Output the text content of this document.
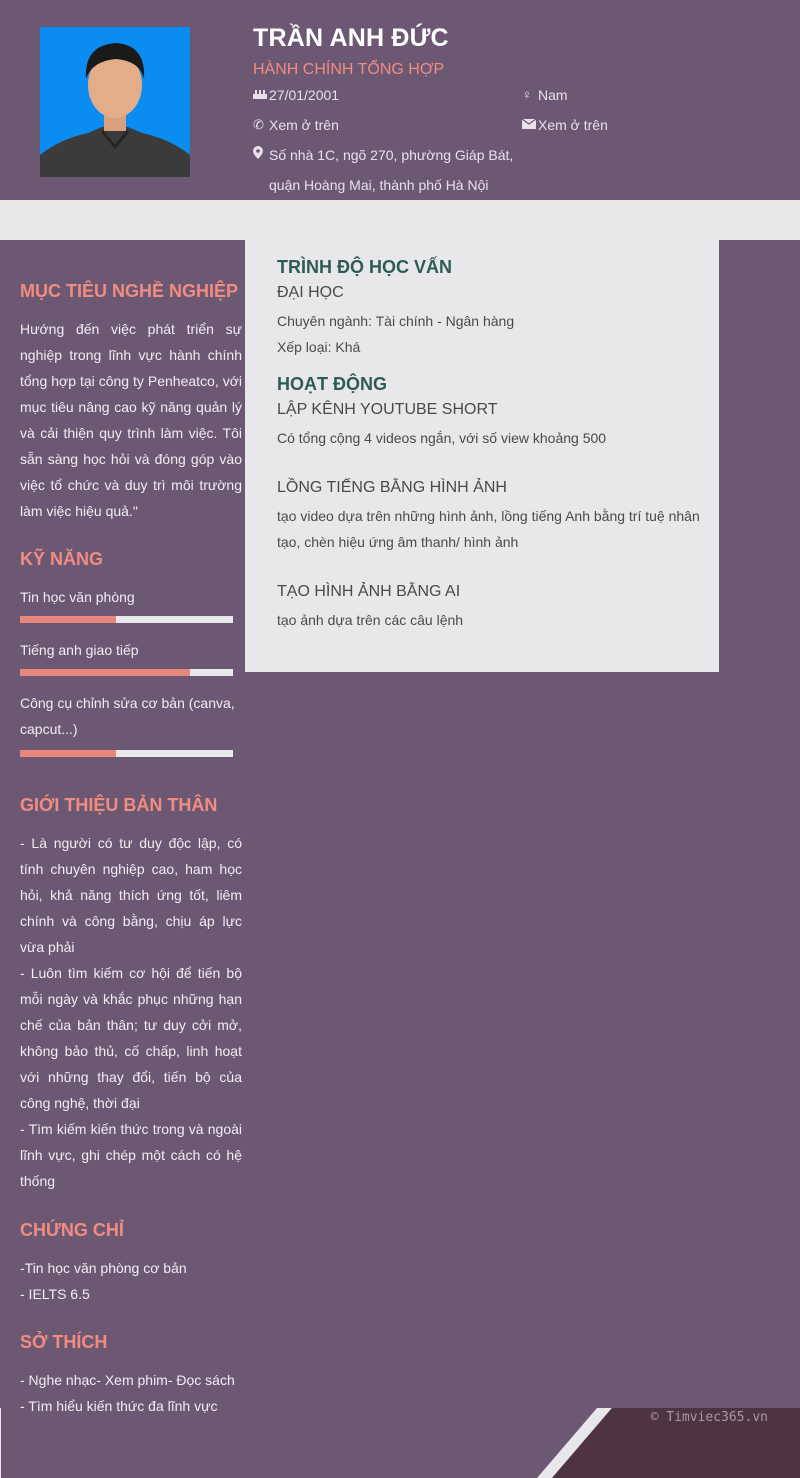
TRẦN ANH ĐỨC
HÀNH CHÍNH TỔNG HỢP
27/01/2001	♀ Nam
✆ Xem ở trên	Xem ở trên
Số nhà 1C, ngõ 270, phường Giáp Bát,
quận Hoàng Mai, thành phố Hà Nội
TRÌNH ĐỘ HỌC VẤN

ĐẠI HỌC

Chuyên ngành: Tài chính - Ngân hàng

Xếp loại: Khá

HOẠT ĐỘNG

LẬP KÊNH YOUTUBE SHORT

Có tổng cộng 4 videos ngắn, với số view khoảng 500

LỒNG TIẾNG BẰNG HÌNH ẢNH

tạo video dựa trên những hình ảnh, lồng tiếng Anh bằng trí tuệ nhân tạo, chèn hiệu ứng âm thanh/ hình ảnh

TẠO HÌNH ẢNH BẰNG AI

tạo ảnh dựa trên các câu lệnh

MỤC TIÊU NGHỀ NGHIỆP

Hướng đến việc phát triển sự nghiệp trong lĩnh vực hành chính tổng hợp tại công ty Penheatco, với mục tiêu nâng cao kỹ năng quản lý và cải thiện quy trình làm việc. Tôi sẵn sàng học hỏi và đóng góp vào việc tổ chức và duy trì môi trường làm việc hiệu quả."

KỸ NĂNG
Tin học văn phòng
Tiếng anh giao tiếp
Công cụ chỉnh sửa cơ bản (canva, capcut...)
GIỚI THIỆU BẢN THÂN

- Là người có tư duy độc lập, có tính chuyên nghiệp cao, ham học hỏi, khả năng thích ứng tốt, liêm chính và công bằng, chịu áp lực vừa phải

- Luôn tìm kiếm cơ hội để tiến bộ mỗi ngày và khắc phục những hạn chế của bản thân; tư duy cởi mở, không bảo thủ, cố chấp, linh hoạt với những thay đổi, tiến bộ của công nghệ, thời đại

- Tìm kiếm kiến thức trong và ngoài lĩnh vực, ghi chép một cách có hệ thống

CHỨNG CHỈ

-Tin học văn phòng cơ bản

- IELTS 6.5

SỞ THÍCH

- Nghe nhạc- Xem phim- Đọc sách - Tìm hiểu kiến thức đa lĩnh vực

© Timviec365.vn
